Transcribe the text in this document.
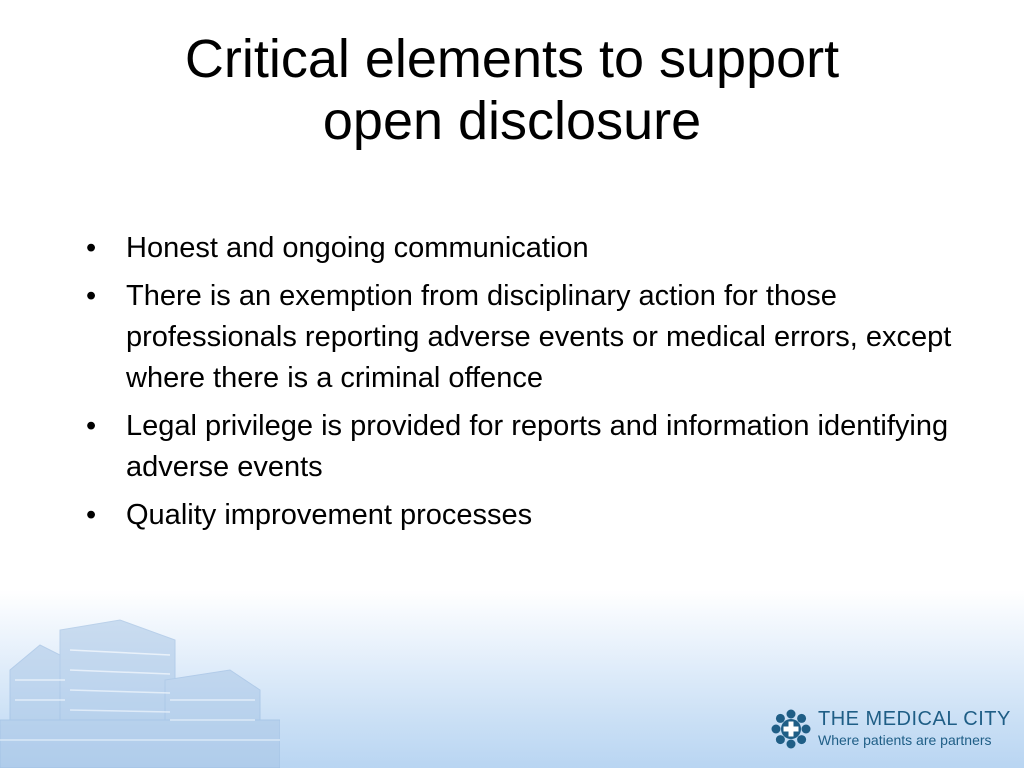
Critical elements to support
open disclosure
•	Honest and ongoing communication
•	There is an exemption from disciplinary action for those professionals reporting adverse events or medical errors, except where there is a criminal offence
•	Legal privilege is provided for reports and information identifying adverse events
•	Quality improvement processes
THE MEDICAL CITY
Where patients are partners
